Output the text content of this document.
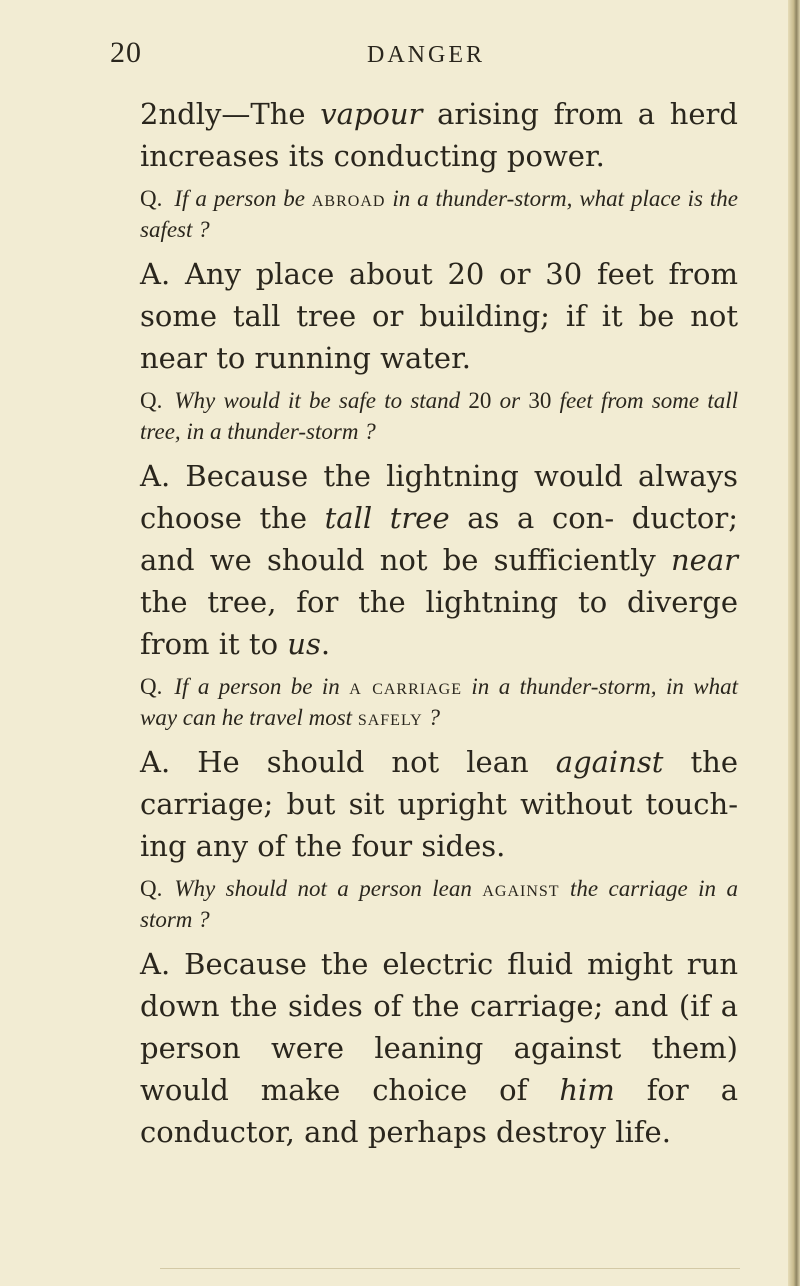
20	DANGER

2ndly—The vapour arising from a herd increases its conducting power.

Q. If a person be abroad in a thunder-storm, what place is the safest ?

A. Any place about 20 or 30 feet from some tall tree or building; if it be not near to running water.

Q. Why would it be safe to stand 20 or 30 feet from some tall tree, in a thunder-storm ?

A. Because the lightning would always choose the tall tree as a con- ductor; and we should not be sufficiently near the tree, for the lightning to diverge from it to us.

Q. If a person be in a carriage in a thunder-storm, in what way can he travel most safely ?

A. He should not lean against the carriage; but sit upright without touch- ing any of the four sides.

Q. Why should not a person lean against the carriage in a storm ?

A. Because the electric fluid might run down the sides of the carriage; and (if a person were leaning against them) would make choice of him for a conductor, and perhaps destroy life.
